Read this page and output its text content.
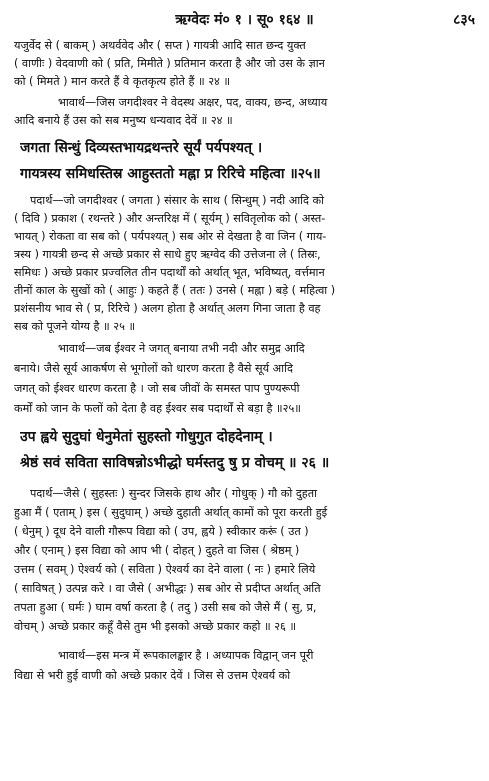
ऋग्वेदः मं० १ । सू० १६४ ॥	८३५
यजुर्वेद से ( बाकम् ) अथर्ववेद और ( सप्त ) गायत्री आदि सात छन्द युक्त
( वाणीः ) वेदवाणी को ( प्रति, मिमीते ) प्रतिमान करता है और जो उस के ज्ञान
को ( मिमते ) मान करते हैं वे कृतकृत्य होते हैं ॥ २४ ॥
भावार्थ—जिस जगदीश्वर ने वेदस्थ अक्षर, पद, वाक्य, छन्द, अध्याय
आदि बनाये हैं उस को सब मनुष्य धन्यवाद देवें ॥ २४ ॥
जगता सिन्धुं दिव्यस्तभायद्रथन्तरे सूर्यं पर्यपश्यत् ।
गायत्रस्य समिधस्तिस्र आहुस्ततो मह्ना प्र रिरिचे महित्वा ॥२५॥
पदार्थ—जो जगदीश्वर ( जगता ) संसार के साथ ( सिन्धुम् ) नदी आदि को
( दिवि ) प्रकाश ( रथन्तरे ) और अन्तरिक्ष में ( सूर्यम् ) सवितृलोक को ( अस्त-
भायत् ) रोकता वा सब को ( पर्यपश्यत् ) सब ओर से देखता है वा जिन ( गाय-
त्रस्य ) गायत्री छन्द से अच्छे प्रकार से साधे हुए ऋग्वेद की उत्तेजना ले ( तिस्रः,
समिधः ) अच्छे प्रकार प्रज्वलित तीन पदार्थों को अर्थात् भूत, भविष्यत्, वर्त्तमान
तीनों काल के सुखों को ( आहुः ) कहते हैं ( ततः ) उनसे ( मह्ना ) बड़े ( महित्वा )
प्रशंसनीय भाव से ( प्र, रिरिचे ) अलग होता है अर्थात् अलग गिना जाता है वह
सब को पूजने योग्य है ॥ २५ ॥
भावार्थ—जब ईश्वर ने जगत् बनाया तभी नदी और समुद्र आदि
बनाये। जैसे सूर्य आकर्षण से भूगोलों को धारण करता है वैसे सूर्य आदि
जगत् को ईश्वर धारण करता है । जो सब जीवों के समस्त पाप पुण्यरूपी
कर्मों को जान के फलों को देता है वह ईश्वर सब पदार्थों से बड़ा है ॥२५॥
उप ह्वये सुदुघां धेनुमेतां सुहस्तो गोधुगुत दोहदेनाम् ।
श्रेष्ठं सवं सविता साविषन्नोऽभीद्धो घर्मस्तदु षु प्र वोचम् ॥ २६ ॥
पदार्थ—जैसे ( सुहस्तः ) सुन्दर जिसके हाथ और ( गोधुक् ) गौ को दुहता
हुआ मैं ( एताम् ) इस ( सुदुघाम् ) अच्छे दुहाती अर्थात् कामों को पूरा करती हुई
( धेनुम् ) दूध देने वाली गौरूप विद्या को ( उप, ह्वये ) स्वीकार करूं ( उत )
और ( एनाम् ) इस विद्या को आप भी ( दोहत् ) दुहते वा जिस ( श्रेष्ठम् )
उत्तम ( सवम् ) ऐश्वर्य को ( सविता ) ऐश्वर्य का देने वाला ( नः ) हमारे लिये
( साविषत् ) उत्पन्न करे । वा जैसे ( अभीद्धः ) सब ओर से प्रदीप्त अर्थात् अति
तपता हुआ ( घर्मः ) घाम वर्षा करता है ( तदु ) उसी सब को जैसे मैं ( सु, प्र,
वोचम् ) अच्छे प्रकार कहूँ वैसे तुम भी इसको अच्छे प्रकार कहो ॥ २६ ॥
भावार्थ—इस मन्त्र में रूपकालङ्कार है । अध्यापक विद्वान् जन पूरी
विद्या से भरी हुई वाणी को अच्छे प्रकार देवें । जिस से उत्तम ऐश्वर्य को
